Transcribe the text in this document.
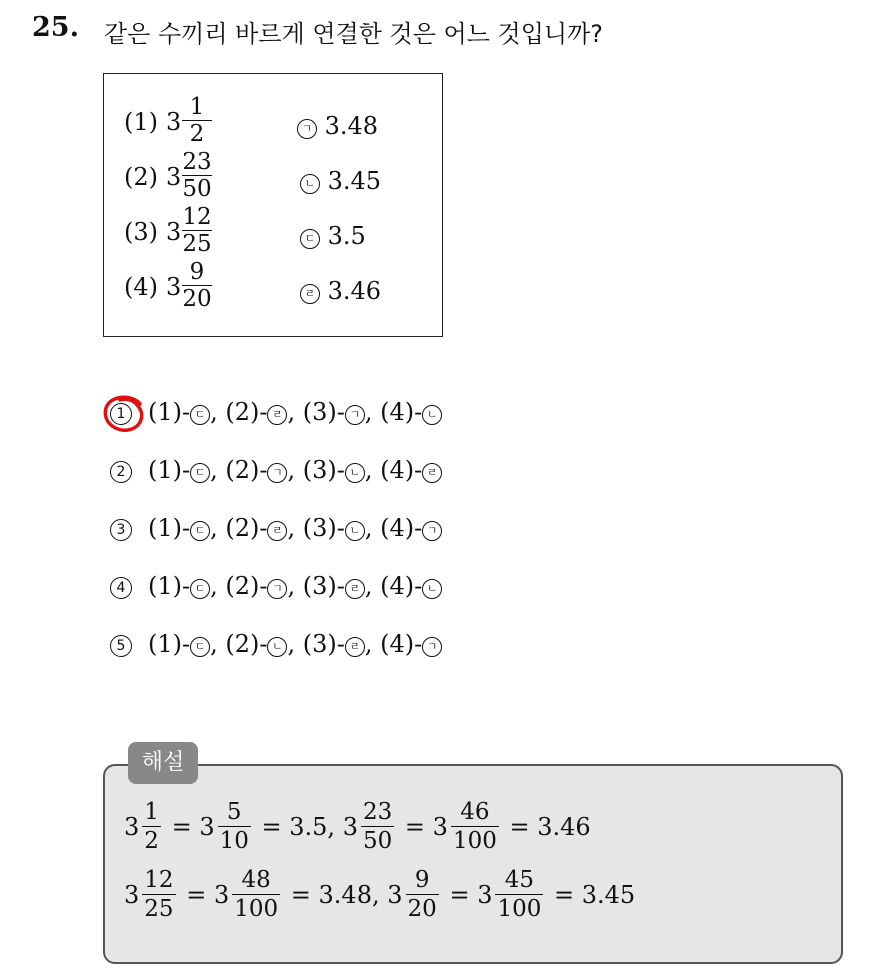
25. 같은 수끼리 바르게 연결한 것은 어느 것입니까?
(1) 3
1
2
(2) 3
23
50
(3) 3
12
25
(4) 3
9
20
ㄱ 3.48
ㄴ 3.45
ㄷ 3.5
ㄹ 3.46
1 (1)- ㄷ , (2)- ㄹ , (3)- ㄱ , (4)- ㄴ
2 (1)- ㄷ , (2)- ㄱ , (3)- ㄴ , (4)- ㄹ
3 (1)- ㄷ , (2)- ㄹ , (3)- ㄴ , (4)- ㄱ
4 (1)- ㄷ , (2)- ㄱ , (3)- ㄹ , (4)- ㄴ
5 (1)- ㄷ , (2)- ㄴ , (3)- ㄹ , (4)- ㄱ
해설
$3 \frac{1}{2} = 3 \frac{5}{10} = 3.5$, $3 \frac{23}{50} = 3 \frac{46}{100} = 3.46$
$3 \frac{12}{25} = 3 \frac{48}{100} = 3.48$, $3 \frac{9}{20} = 3 \frac{45}{100} = 3.45$
